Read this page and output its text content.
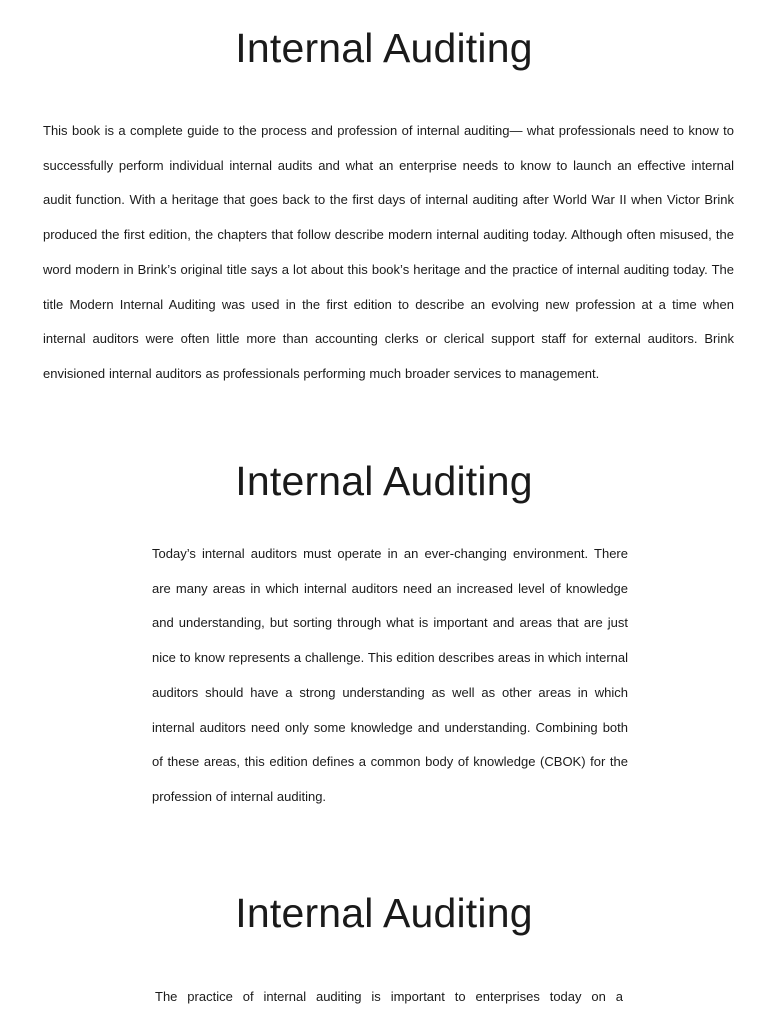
Internal Auditing

This book is a complete guide to the process and profession of internal auditing— what professionals need to know to successfully perform individual internal audits and what an enterprise needs to know to launch an effective internal audit function. With a heritage that goes back to the first days of internal auditing after World War II when Victor Brink produced the first edition, the chapters that follow describe modern internal auditing today. Although often misused, the word modern in Brink’s original title says a lot about this book’s heritage and the practice of internal auditing today. The title Modern Internal Auditing was used in the first edition to describe an evolving new profession at a time when internal auditors were often little more than accounting clerks or clerical support staff for external auditors. Brink envisioned internal auditors as professionals performing much broader services to management.

Internal Auditing

Today’s internal auditors must operate in an ever-changing environment. There are many areas in which internal auditors need an increased level of knowledge and understanding, but sorting through what is important and areas that are just nice to know represents a challenge. This edition describes areas in which internal auditors should have a strong understanding as well as other areas in which internal auditors need only some knowledge and understanding. Combining both of these areas, this edition defines a common body of knowledge (CBOK) for the profession of internal auditing.

Internal Auditing

The practice of internal auditing is important to enterprises today on a
